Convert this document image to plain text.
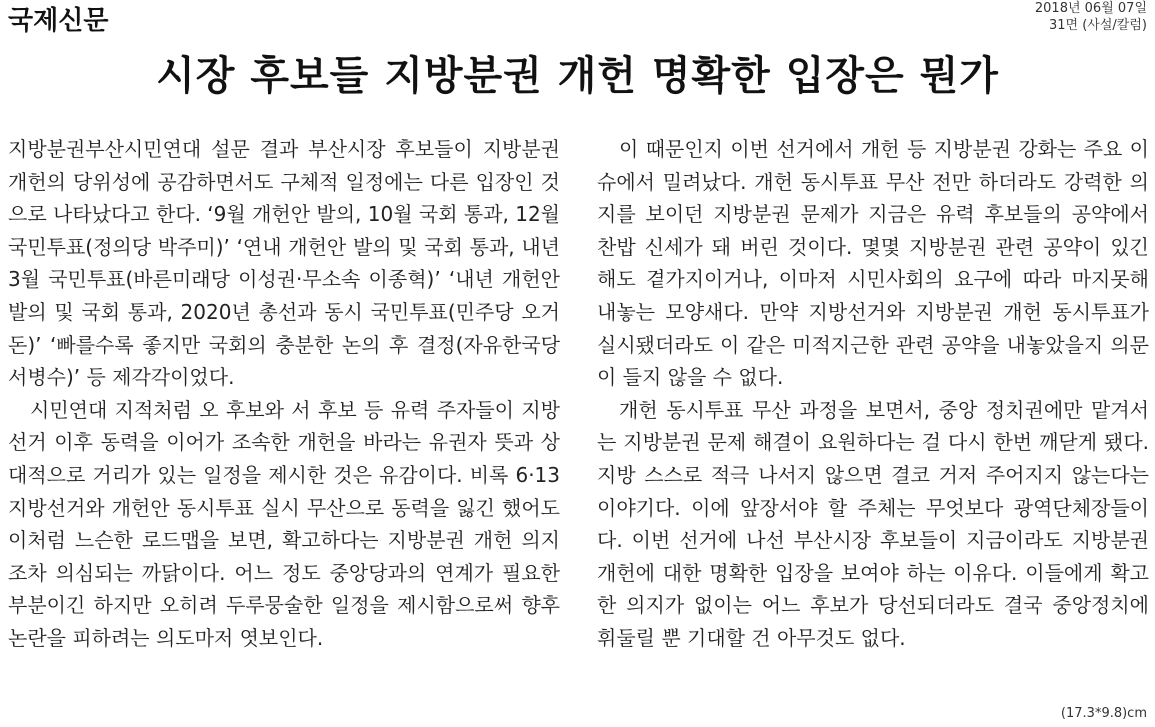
국제신문	2018년 06월 07일
31면 (사설/칼럼)
시장 후보들 지방분권 개헌 명확한 입장은 뭔가

지방분권부산시민연대 설문 결과 부산시장 후보들이 지방분권 개헌의 당위성에 공감하면서도 구체적 일정에는 다른 입장인 것으로 나타났다고 한다. ‘9월 개헌안 발의, 10월 국회 통과, 12월 국민투표(정의당 박주미)’ ‘연내 개헌안 발의 및 국회 통과, 내년 3월 국민투표(바른미래당 이성권·무소속 이종혁)’ ‘내년 개헌안 발의 및 국회 통과, 2020년 총선과 동시 국민투표(민주당 오거돈)’ ‘빠를수록 좋지만 국회의 충분한 논의 후 결정(자유한국당 서병수)’ 등 제각각이었다.

시민연대 지적처럼 오 후보와 서 후보 등 유력 주자들이 지방선거 이후 동력을 이어가 조속한 개헌을 바라는 유권자 뜻과 상대적으로 거리가 있는 일정을 제시한 것은 유감이다. 비록 6·13지방선거와 개헌안 동시투표 실시 무산으로 동력을 잃긴 했어도 이처럼 느슨한 로드맵을 보면, 확고하다는 지방분권 개헌 의지조차 의심되는 까닭이다. 어느 정도 중앙당과의 연계가 필요한 부분이긴 하지만 오히려 두루뭉술한 일정을 제시함으로써 향후 논란을 피하려는 의도마저 엿보인다.

이 때문인지 이번 선거에서 개헌 등 지방분권 강화는 주요 이슈에서 밀려났다. 개헌 동시투표 무산 전만 하더라도 강력한 의지를 보이던 지방분권 문제가 지금은 유력 후보들의 공약에서 찬밥 신세가 돼 버린 것이다. 몇몇 지방분권 관련 공약이 있긴 해도 곁가지이거나, 이마저 시민사회의 요구에 따라 마지못해 내놓는 모양새다. 만약 지방선거와 지방분권 개헌 동시투표가 실시됐더라도 이 같은 미적지근한 관련 공약을 내놓았을지 의문이 들지 않을 수 없다.

개헌 동시투표 무산 과정을 보면서, 중앙 정치권에만 맡겨서는 지방분권 문제 해결이 요원하다는 걸 다시 한번 깨닫게 됐다. 지방 스스로 적극 나서지 않으면 결코 거저 주어지지 않는다는 이야기다. 이에 앞장서야 할 주체는 무엇보다 광역단체장들이다. 이번 선거에 나선 부산시장 후보들이 지금이라도 지방분권 개헌에 대한 명확한 입장을 보여야 하는 이유다. 이들에게 확고한 의지가 없이는 어느 후보가 당선되더라도 결국 중앙정치에 휘둘릴 뿐 기대할 건 아무것도 없다.

(17.3*9.8)cm
